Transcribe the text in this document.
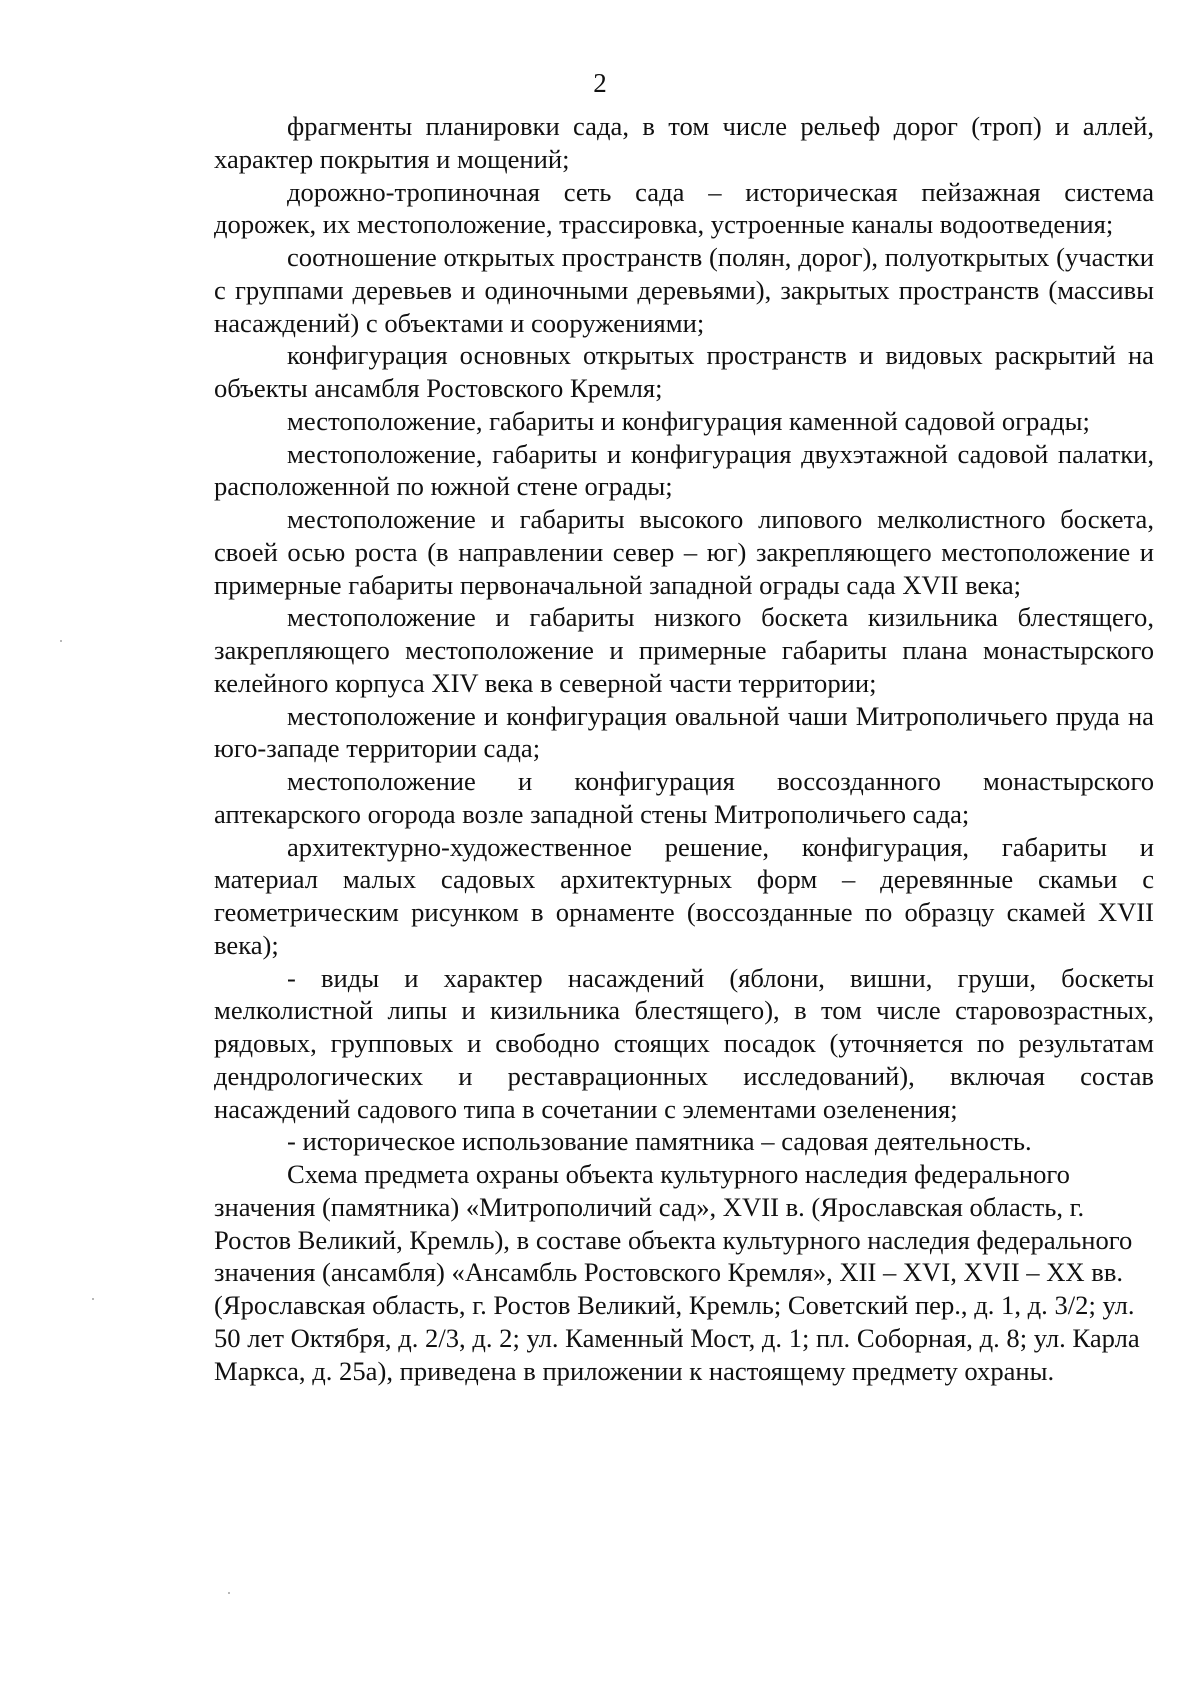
2

фрагменты планировки сада, в том числе рельеф дорог (троп) и аллей, характер покрытия и мощений;

дорожно-тропиночная сеть сада – историческая пейзажная система дорожек, их местоположение, трассировка, устроенные каналы водоотведения;

соотношение открытых пространств (полян, дорог), полуоткрытых (участки с группами деревьев и одиночными деревьями), закрытых пространств (массивы насаждений) с объектами и сооружениями;

конфигурация основных открытых пространств и видовых раскрытий на объекты ансамбля Ростовского Кремля;

местоположение, габариты и конфигурация каменной садовой ограды;

местоположение, габариты и конфигурация двухэтажной садовой палатки, расположенной по южной стене ограды;

местоположение и габариты высокого липового мелколистного боскета, своей осью роста (в направлении север – юг) закрепляющего местоположение и примерные габариты первоначальной западной ограды сада XVII века;

местоположение и габариты низкого боскета кизильника блестящего, закрепляющего местоположение и примерные габариты плана монастырского келейного корпуса XIV века в северной части территории;

местоположение и конфигурация овальной чаши Митрополичьего пруда на юго-западе территории сада;

местоположение и конфигурация воссозданного монастырского аптекарского огорода возле западной стены Митрополичьего сада;

архитектурно-художественное решение, конфигурация, габариты и материал малых садовых архитектурных форм – деревянные скамьи с геометрическим рисунком в орнаменте (воссозданные по образцу скамей XVII века);

- виды и характер насаждений (яблони, вишни, груши, боскеты мелколистной липы и кизильника блестящего), в том числе старовозрастных, рядовых, групповых и свободно стоящих посадок (уточняется по результатам дендрологических и реставрационных исследований), включая состав насаждений садового типа в сочетании с элементами озеленения;

- историческое использование памятника – садовая деятельность.

Схема предмета охраны объекта культурного наследия федерального значения (памятника) «Митрополичий сад», XVII в. (Ярославская область, г. Ростов Великий, Кремль), в составе объекта культурного наследия федерального значения (ансамбля) «Ансамбль Ростовского Кремля», XII – XVI, XVII – XX вв. (Ярославская область, г. Ростов Великий, Кремль; Советский пер., д. 1, д. 3/2; ул. 50 лет Октября, д. 2/3, д. 2; ул. Каменный Мост, д. 1; пл. Соборная, д. 8; ул. Карла Маркса, д. 25а), приведена в приложении к настоящему предмету охраны.
